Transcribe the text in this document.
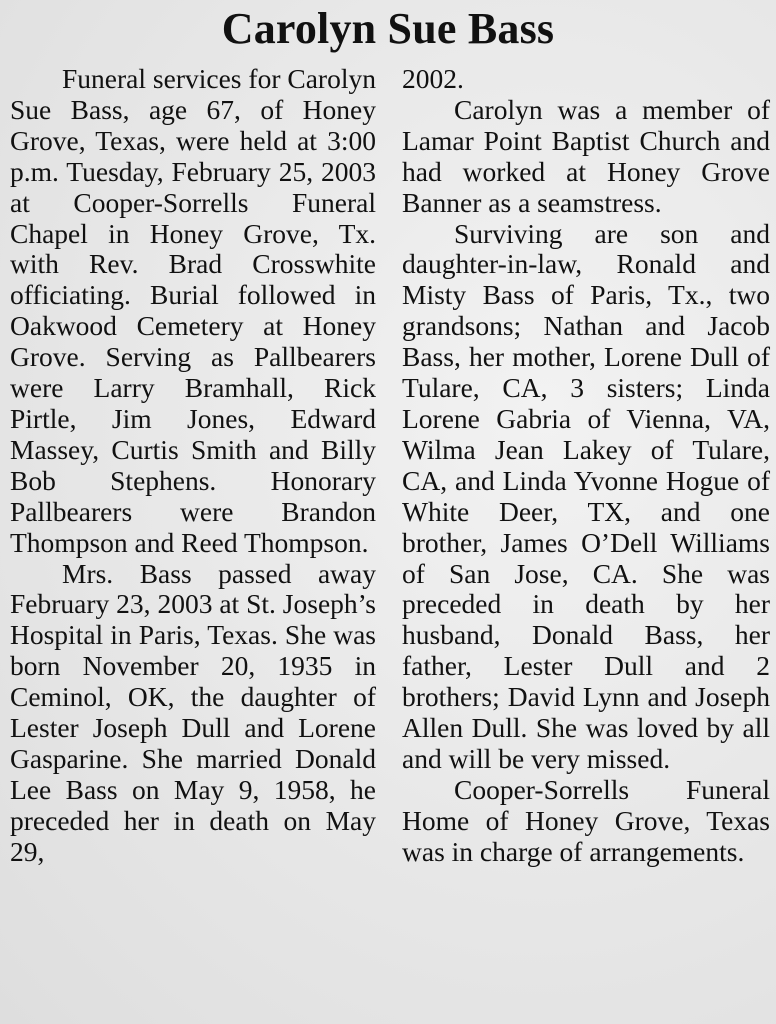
Carolyn Sue Bass

Funeral services for Carolyn Sue Bass, age 67, of Honey Grove, Texas, were held at 3:00 p.m. Tuesday, February 25, 2003 at Cooper-Sorrells Funeral Chapel in Honey Grove, Tx. with Rev. Brad Crosswhite officiating. Burial followed in Oakwood Cemetery at Honey Grove. Serving as Pallbearers were Larry Bramhall, Rick Pirtle, Jim Jones, Edward Massey, Curtis Smith and Billy Bob Stephens. Honorary Pallbearers were Brandon Thompson and Reed Thompson.

Mrs. Bass passed away February 23, 2003 at St. Joseph’s Hospital in Paris, Texas. She was born November 20, 1935 in Ceminol, OK, the daughter of Lester Joseph Dull and Lorene Gasparine. She married Donald Lee Bass on May 9, 1958, he preceded her in death on May 29,

2002.

Carolyn was a member of Lamar Point Baptist Church and had worked at Honey Grove Banner as a seamstress.

Surviving are son and daughter-in-law, Ronald and Misty Bass of Paris, Tx., two grandsons; Nathan and Jacob Bass, her mother, Lorene Dull of Tulare, CA, 3 sisters; Linda Lorene Gabria of Vienna, VA, Wilma Jean Lakey of Tulare, CA, and Linda Yvonne Hogue of White Deer, TX, and one brother, James O’Dell Williams of San Jose, CA. She was preceded in death by her husband, Donald Bass, her father, Lester Dull and 2 brothers; David Lynn and Joseph Allen Dull. She was loved by all and will be very missed.

Cooper-Sorrells Funeral Home of Honey Grove, Texas was in charge of arrangements.
